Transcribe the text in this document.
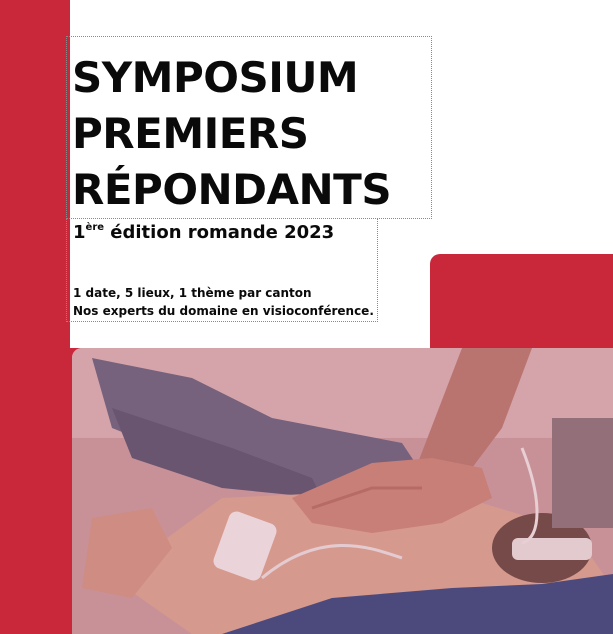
SYMPOSIUM
PREMIERS
RÉPONDANTS
1ère édition romande 2023
1 date, 5 lieux, 1 thème par canton
Nos experts du domaine en visioconférence.
